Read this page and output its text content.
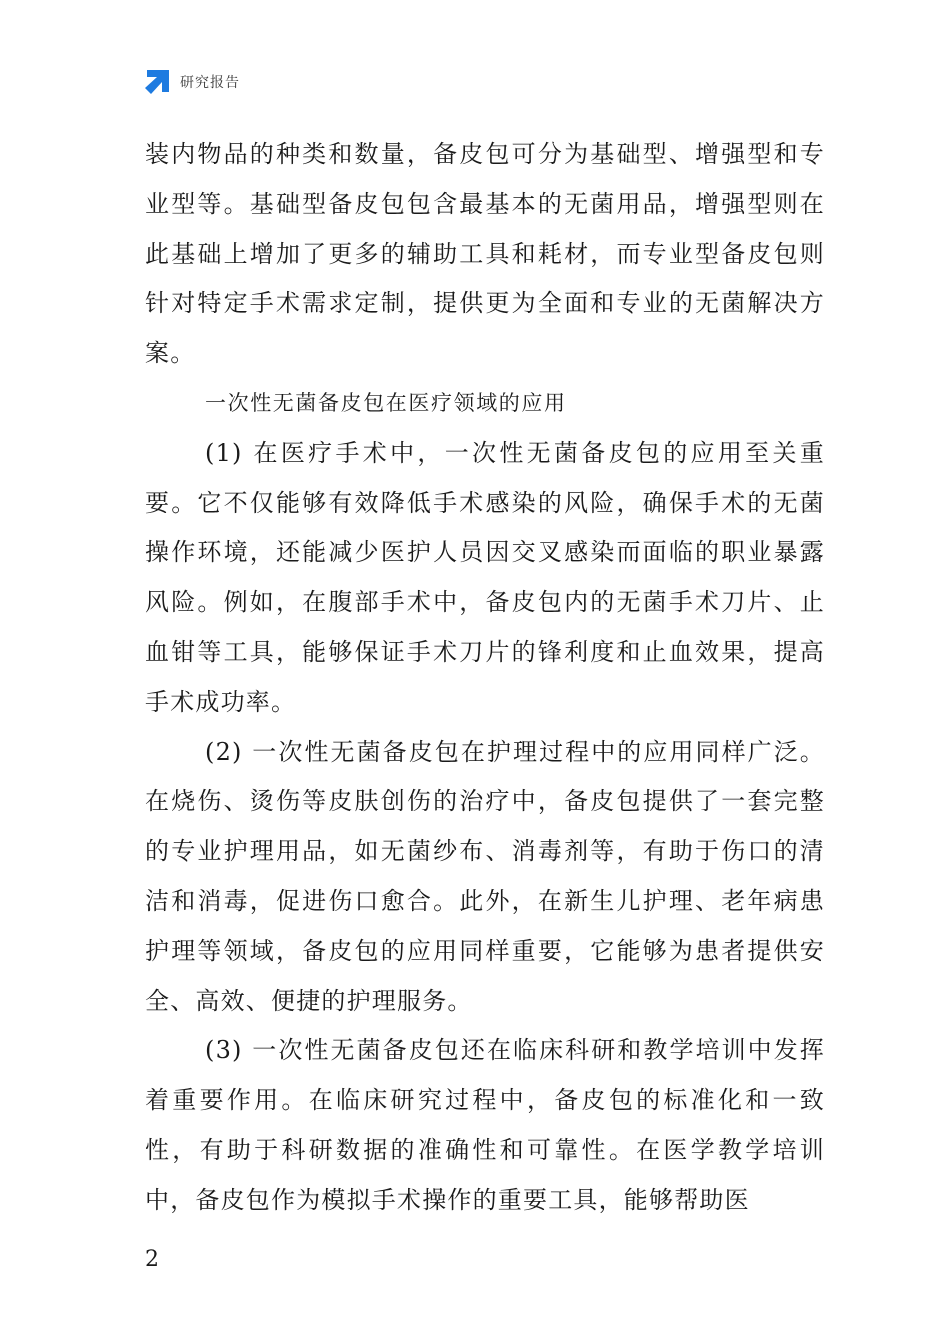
研究报告

装内物品的种类和数量，备皮包可分为基础型、增强型和专业型等。基础型备皮包包含最基本的无菌用品，增强型则在此基础上增加了更多的辅助工具和耗材，而专业型备皮包则针对特定手术需求定制，提供更为全面和专业的无菌解决方案。

一次性无菌备皮包在医疗领域的应用

(1) 在医疗手术中，一次性无菌备皮包的应用至关重要。它不仅能够有效降低手术感染的风险，确保手术的无菌操作环境，还能减少医护人员因交叉感染而面临的职业暴露风险。例如，在腹部手术中，备皮包内的无菌手术刀片、止血钳等工具，能够保证手术刀片的锋利度和止血效果，提高手术成功率。

(2) 一次性无菌备皮包在护理过程中的应用同样广泛。在烧伤、烫伤等皮肤创伤的治疗中，备皮包提供了一套完整的专业护理用品，如无菌纱布、消毒剂等，有助于伤口的清洁和消毒，促进伤口愈合。此外，在新生儿护理、老年病患护理等领域，备皮包的应用同样重要，它能够为患者提供安全、高效、便捷的护理服务。

(3) 一次性无菌备皮包还在临床科研和教学培训中发挥着重要作用。在临床研究过程中，备皮包的标准化和一致性，有助于科研数据的准确性和可靠性。在医学教学培训中，备皮包作为模拟手术操作的重要工具，能够帮助医

2
